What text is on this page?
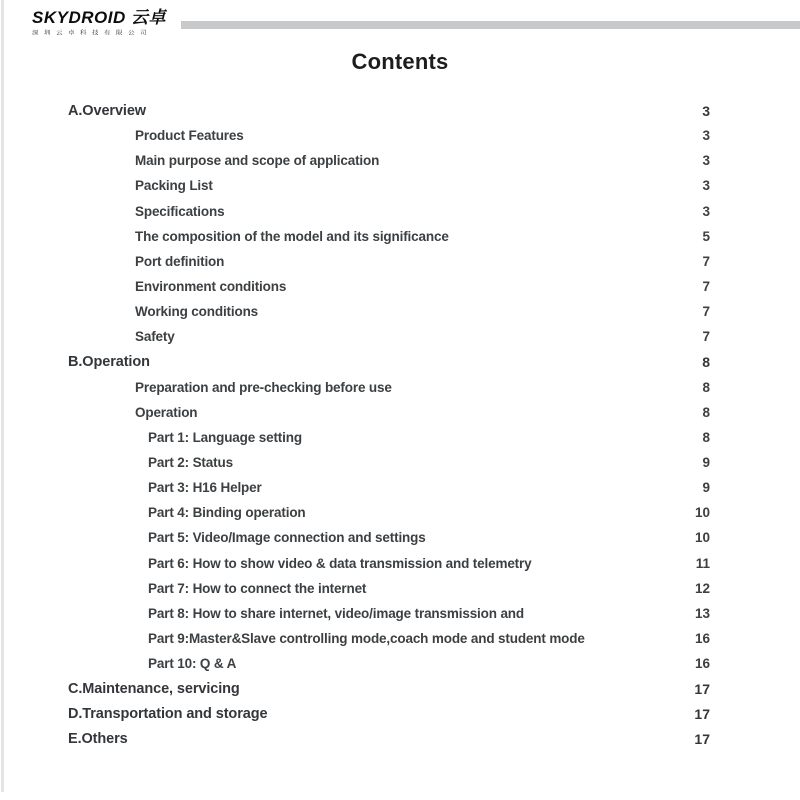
SKYDROID 云卓
深圳云卓科技有限公司
Contents
A.Overview	3
Product Features	3
Main purpose and scope of application	3
Packing List	3
Specifications	3
The composition of the model and its significance	5
Port definition	7
Environment conditions	7
Working conditions	7
Safety	7
B.Operation	8
Preparation and pre-checking before use	8
Operation	8
Part 1: Language setting	8
Part 2: Status	9
Part 3: H16 Helper	9
Part 4: Binding operation	10
Part 5: Video/Image connection and settings	10
Part 6: How to show video & data transmission and telemetry	11
Part 7: How to connect the internet	12
Part 8: How to share internet, video/image transmission and	13
Part 9:Master&Slave controlling mode,coach mode and student mode	16
Part 10: Q & A	16
C.Maintenance, servicing	17
D.Transportation and storage	17
E.Others	17
